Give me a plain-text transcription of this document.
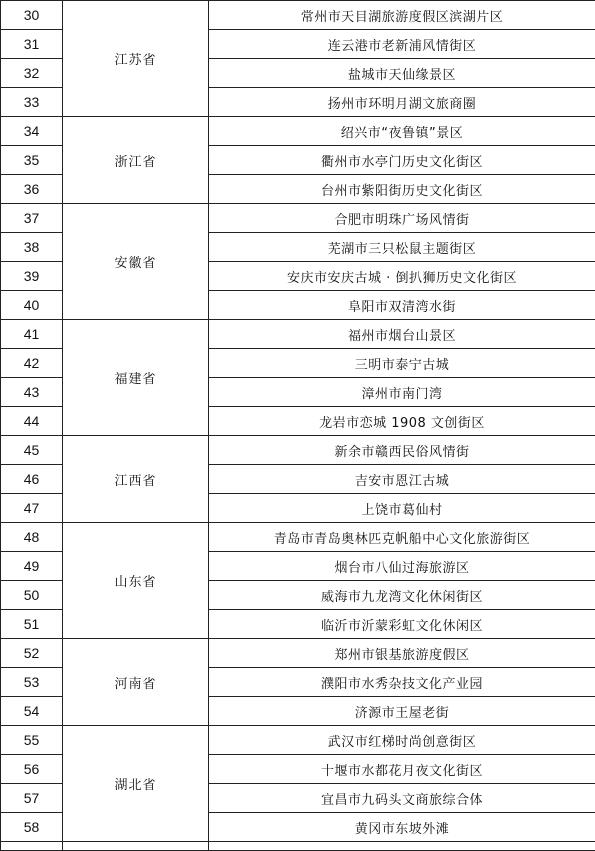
30	江苏省	常州市天目湖旅游度假区滨湖片区
31		连云港市老新浦风情街区
32		盐城市天仙缘景区
33		扬州市环明月湖文旅商圈
34	浙江省	绍兴市“夜鲁镇”景区
35		衢州市水亭门历史文化街区
36		台州市紫阳街历史文化街区
37	安徽省	合肥市明珠广场风情街
38		芜湖市三只松鼠主题街区
39		安庆市安庆古城 · 倒扒狮历史文化街区
40		阜阳市双清湾水街
41	福建省	福州市烟台山景区
42		三明市泰宁古城
43		漳州市南门湾
44		龙岩市恋城 1908 文创街区
45	江西省	新余市赣西民俗风情街
46		吉安市恩江古城
47		上饶市葛仙村
48	山东省	青岛市青岛奥林匹克帆船中心文化旅游街区
49		烟台市八仙过海旅游区
50		威海市九龙湾文化休闲街区
51		临沂市沂蒙彩虹文化休闲区
52	河南省	郑州市银基旅游度假区
53		濮阳市水秀杂技文化产业园
54		济源市王屋老街
55	湖北省	武汉市红梯时尚创意街区
56		十堰市水都花月夜文化街区
57		宜昌市九码头文商旅综合体
58		黄冈市东坡外滩
